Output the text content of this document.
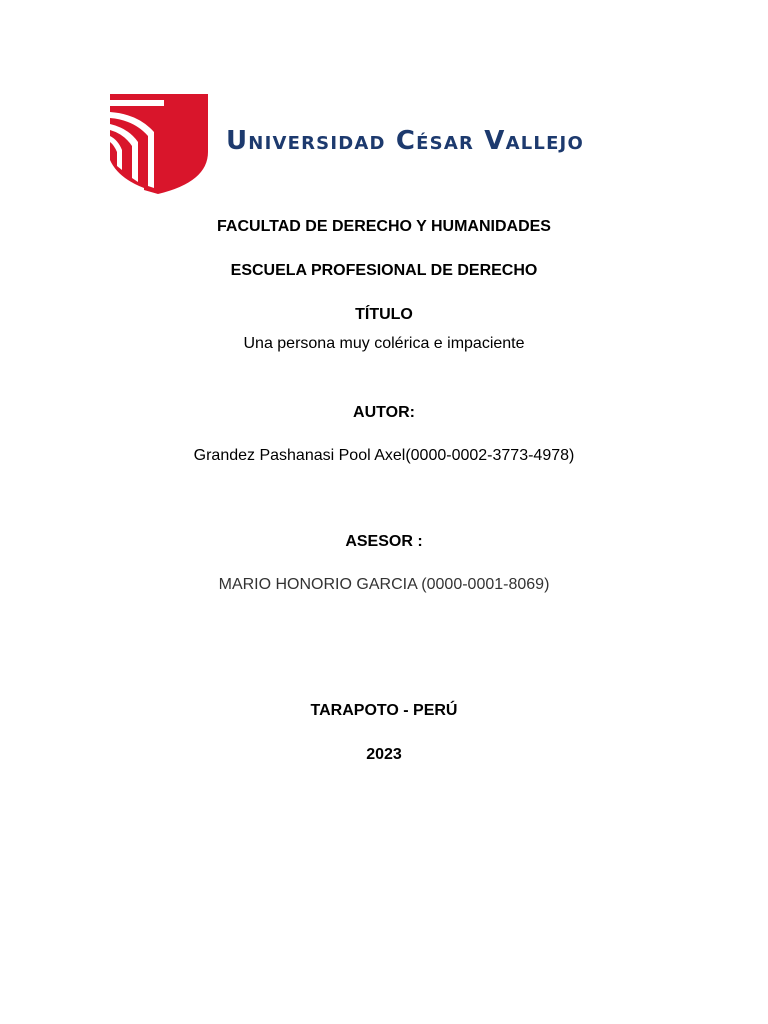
Universidad César Vallejo
FACULTAD DE DERECHO Y HUMANIDADES
ESCUELA PROFESIONAL DE DERECHO
TÍTULO
Una persona muy colérica e impaciente
AUTOR:
Grandez Pashanasi Pool Axel(0000-0002-3773-4978)
ASESOR :
MARIO HONORIO GARCIA (0000-0001-8069)
TARAPOTO - PERÚ
2023
